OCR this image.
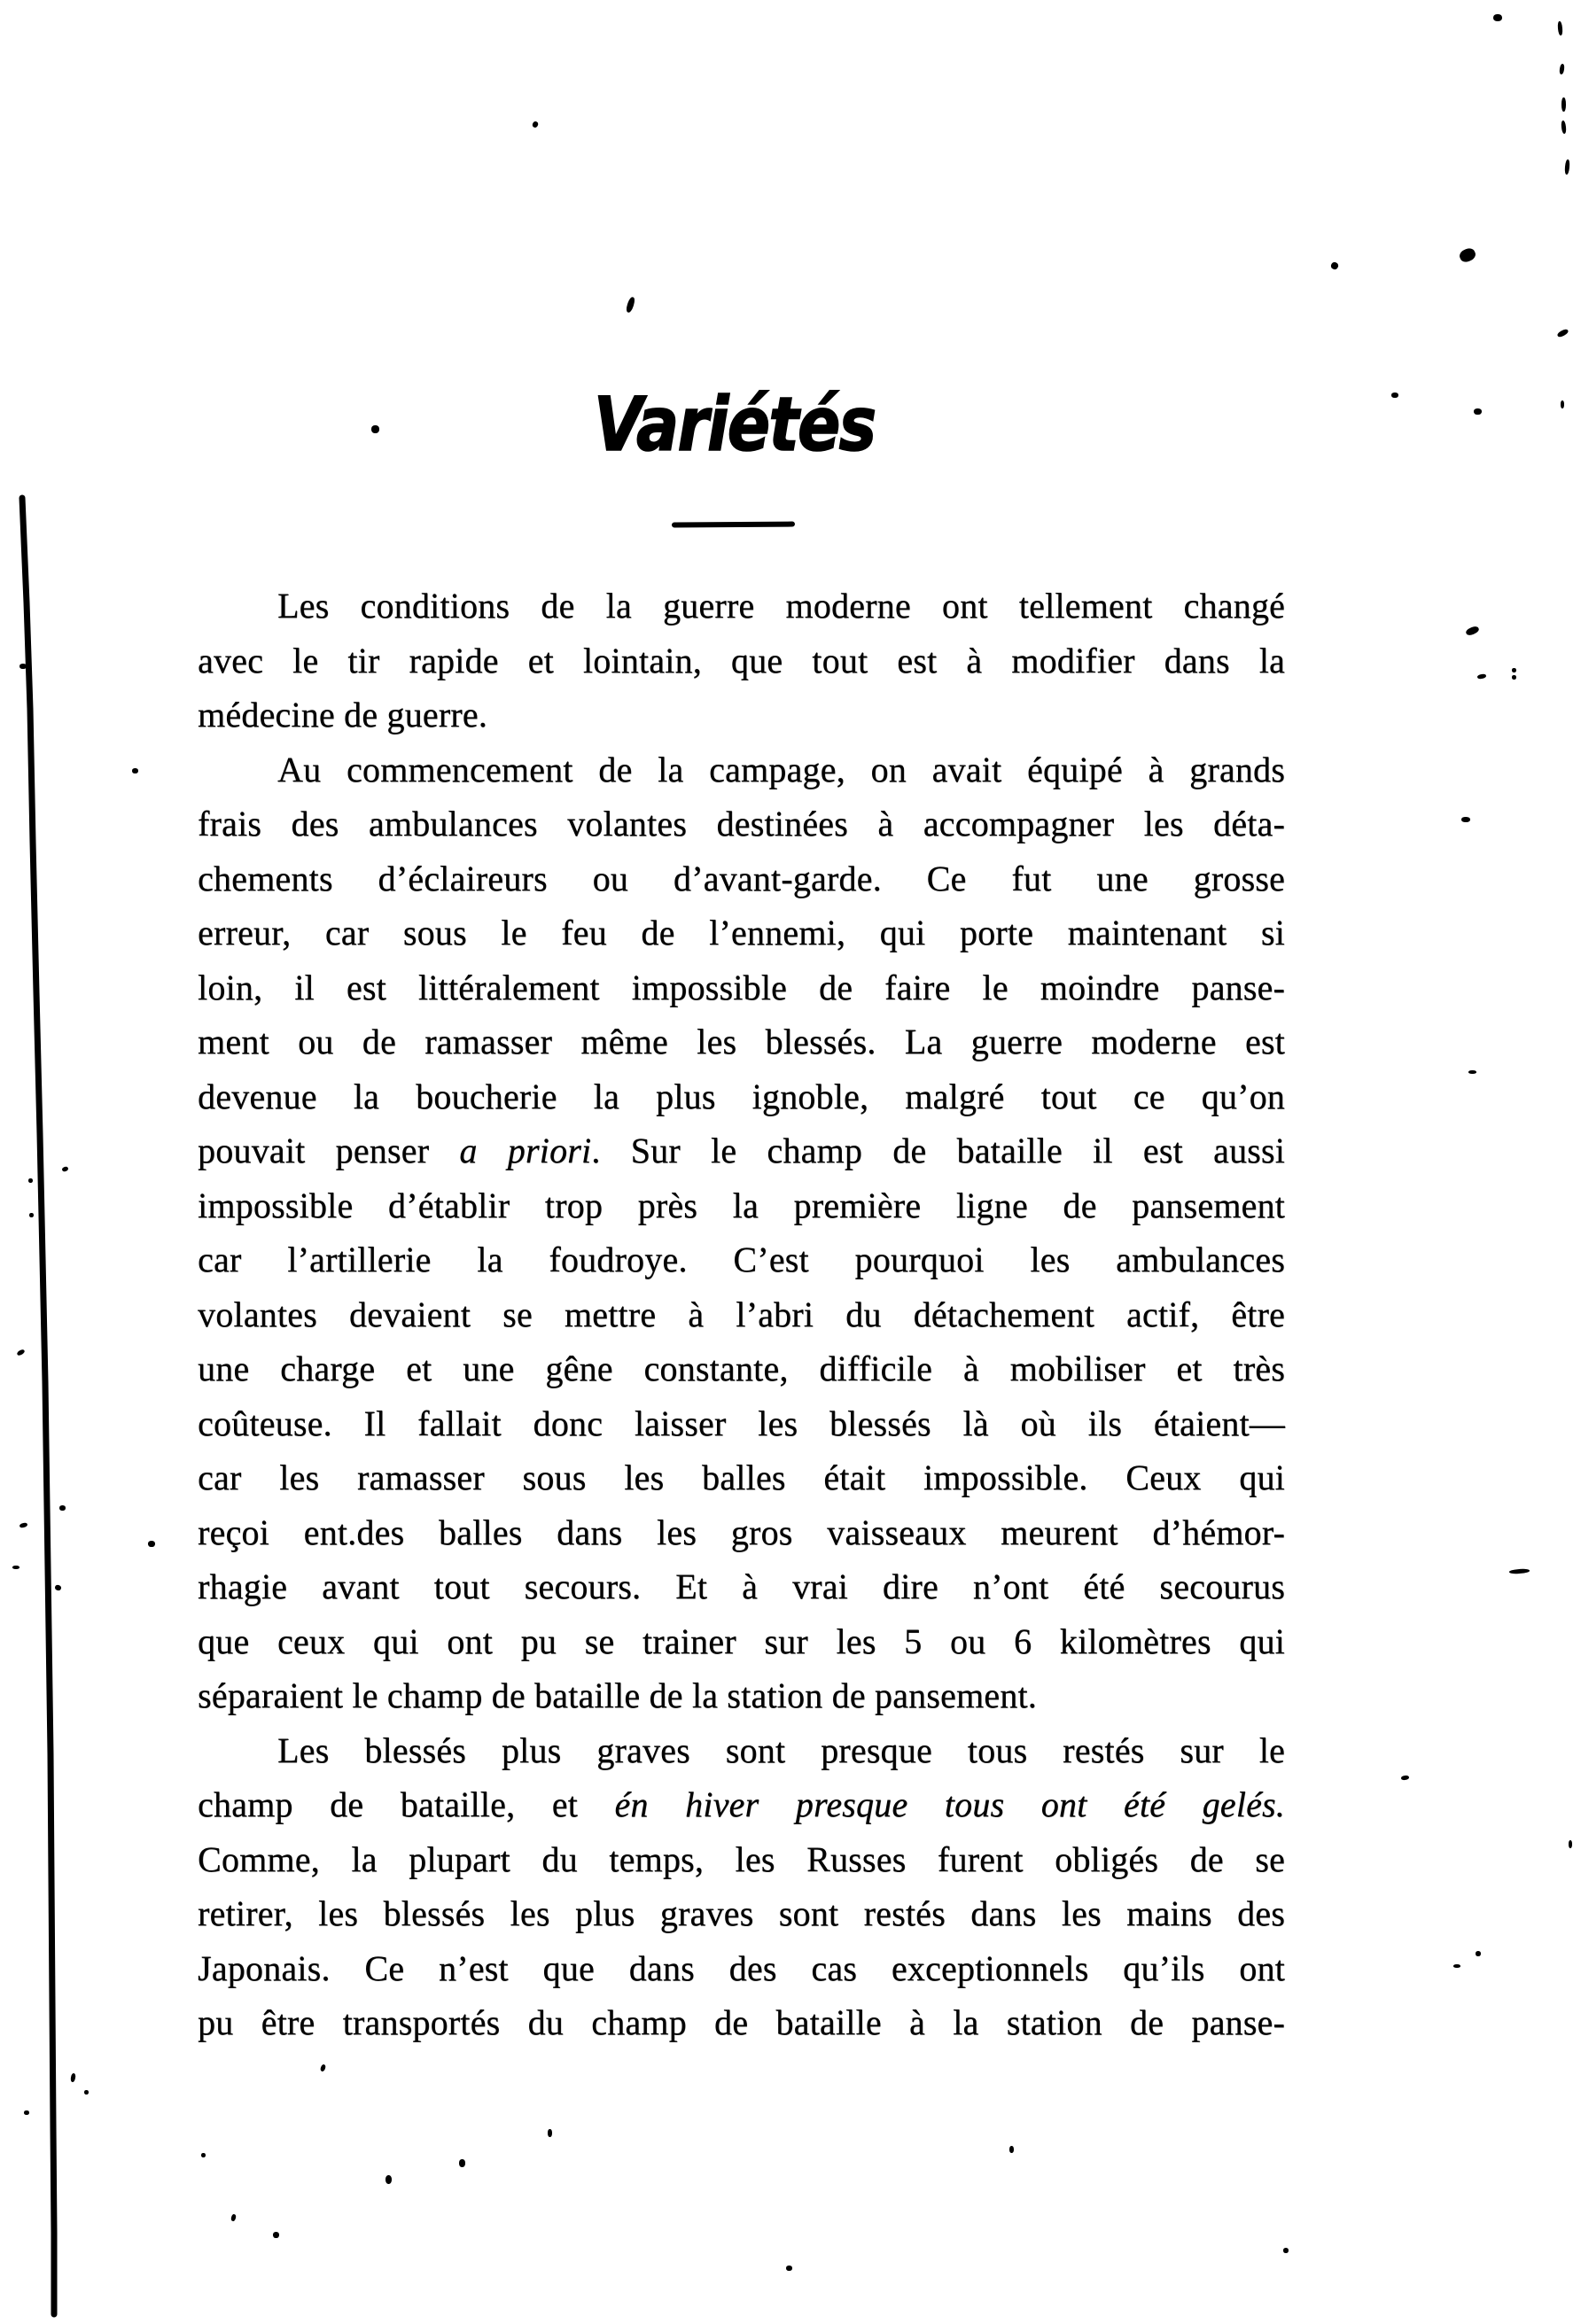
Variétés
Les conditions de la guerre moderne ont tellement changé
avec le tir rapide et lointain, que tout est à modifier dans la
médecine de guerre.
Au commencement de la campage, on avait équipé à grands
frais des ambulances volantes destinées à accompagner les déta-
chements d’éclaireurs ou d’avant-garde. Ce fut une grosse
erreur, car sous le feu de l’ennemi, qui porte maintenant si
loin, il est littéralement impossible de faire le moindre panse-
ment ou de ramasser même les blessés. La guerre moderne est
devenue la boucherie la plus ignoble, malgré tout ce qu’on
pouvait penser a priori. Sur le champ de bataille il est aussi
impossible d’établir trop près la première ligne de pansement
car l’artillerie la foudroye. C’est pourquoi les ambulances
volantes devaient se mettre à l’abri du détachement actif, être
une charge et une gêne constante, difficile à mobiliser et très
coûteuse. Il fallait donc laisser les blessés là où ils étaient—
car les ramasser sous les balles était impossible. Ceux qui
reçoi ent.des balles dans les gros vaisseaux meurent d’hémor-
rhagie avant tout secours. Et à vrai dire n’ont été secourus
que ceux qui ont pu se trainer sur les 5 ou 6 kilomètres qui
séparaient le champ de bataille de la station de pansement.
Les blessés plus graves sont presque tous restés sur le
champ de bataille, et én hiver presque tous ont été gelés.
Comme, la plupart du temps, les Russes furent obligés de se
retirer, les blessés les plus graves sont restés dans les mains des
Japonais. Ce n’est que dans des cas exceptionnels qu’ils ont
pu être transportés du champ de bataille à la station de panse-
